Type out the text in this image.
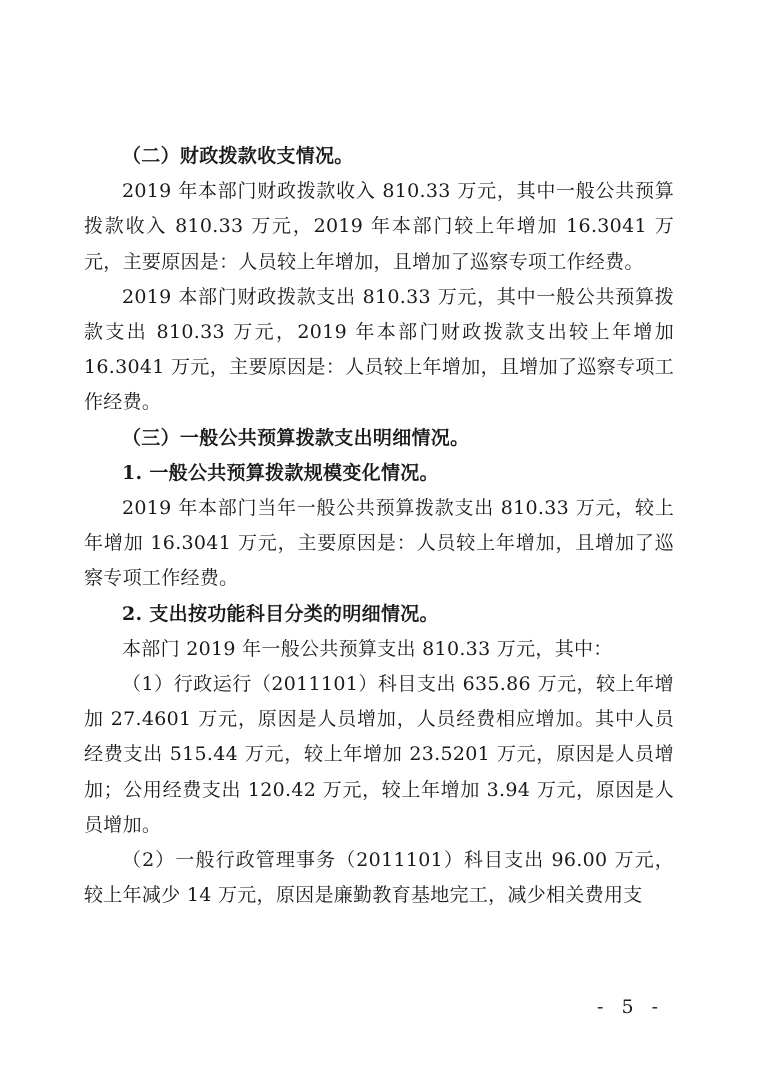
（二）财政拨款收支情况。

2019 年本部门财政拨款收入 810.33 万元，其中一般公共预算拨款收入 810.33 万元，2019 年本部门较上年增加 16.3041 万元，主要原因是：人员较上年增加，且增加了巡察专项工作经费。

2019 本部门财政拨款支出 810.33 万元，其中一般公共预算拨款支出 810.33 万元，2019 年本部门财政拨款支出较上年增加 16.3041 万元，主要原因是：人员较上年增加，且增加了巡察专项工作经费。

（三）一般公共预算拨款支出明细情况。

1. 一般公共预算拨款规模变化情况。

2019 年本部门当年一般公共预算拨款支出 810.33 万元，较上年增加 16.3041 万元，主要原因是：人员较上年增加，且增加了巡察专项工作经费。

2. 支出按功能科目分类的明细情况。

本部门 2019 年一般公共预算支出 810.33 万元，其中：

（1）行政运行（2011101）科目支出 635.86 万元，较上年增加 27.4601 万元，原因是人员增加，人员经费相应增加。其中人员经费支出 515.44 万元，较上年增加 23.5201 万元，原因是人员增加；公用经费支出 120.42 万元，较上年增加 3.94 万元，原因是人员增加。

（2）一般行政管理事务（2011101）科目支出 96.00 万元，较上年减少 14 万元，原因是廉勤教育基地完工，减少相关费用支

- 5 -
